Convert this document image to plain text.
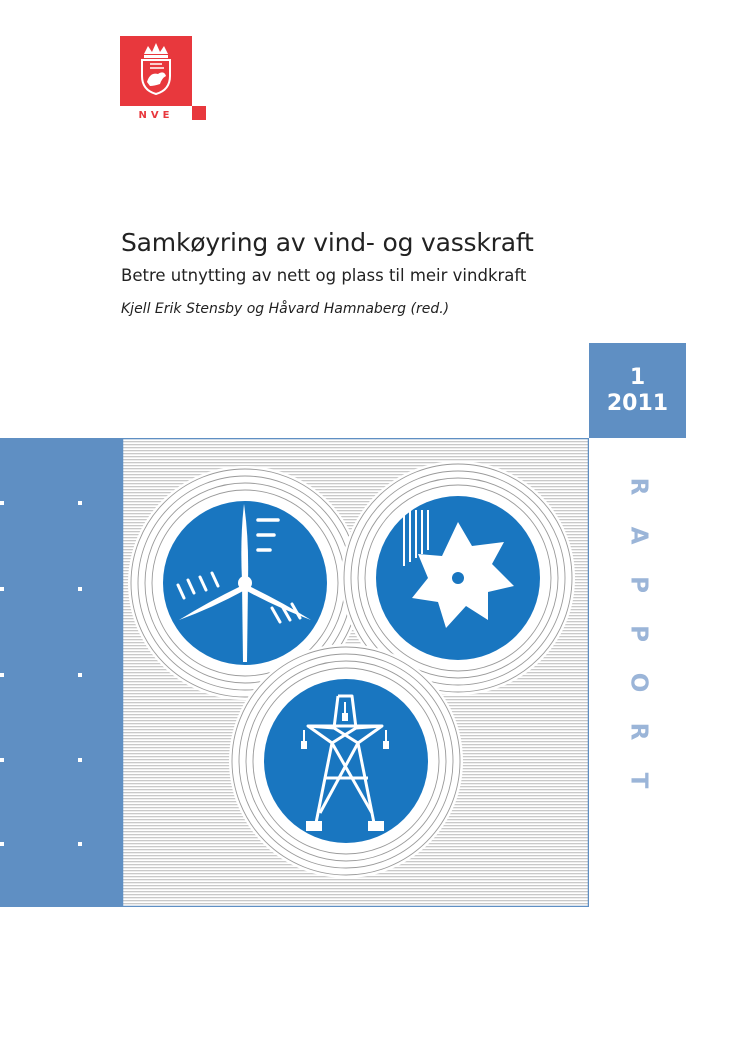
NVE
Samkøyring av vind- og vasskraft
Betre utnytting av nett og plass til meir vindkraft
Kjell Erik Stensby og Håvard Hamnaberg (red.)
1
2011
R
A
P
P
O
R
T
